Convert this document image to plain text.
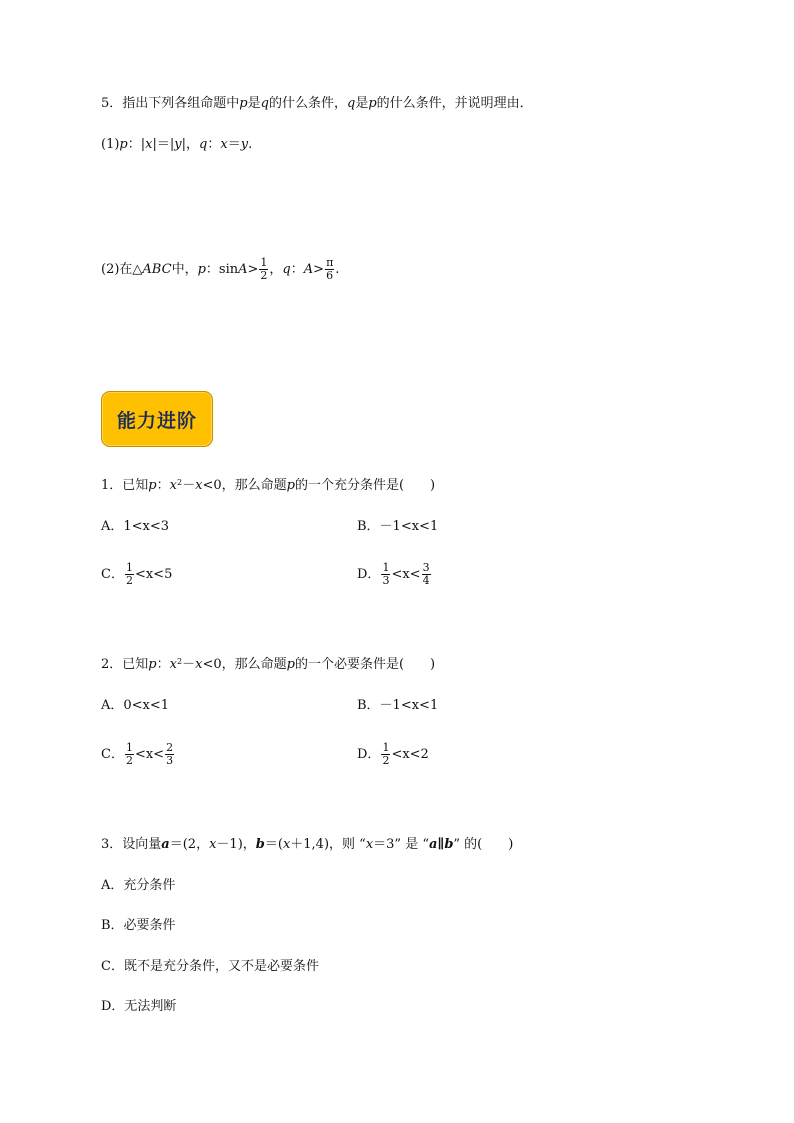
5．指出下列各组命题中p是q的什么条件，q是p的什么条件，并说明理由．
(1)p：|x|＝|y|，q：x＝y.
(2)在△ABC中，p：$\sin A> \frac{1}{2}$ ，q：$A> \frac{\pi}{6}$ .
能力进阶
1．已知p：$x^2-x<0$，那么命题p的一个充分条件是(　　)
A．1<x<3	B．－1<x<1
C． $\frac{1}{2} <x<5$	D． $\frac{1}{3} <x< \frac{3}{4}$
2．已知p：$x^2-x<0$，那么命题p的一个必要条件是(　　)
A．0<x<1	B．－1<x<1
C． $\frac{1}{2} <x< \frac{2}{3}$	D． $\frac{1}{2} <x<2$
3．设向量a＝(2，x－1)，b＝(x＋1,4)，则 “x＝3” 是 “a∥b” 的(　　)
A．充分条件
B．必要条件
C．既不是充分条件，又不是必要条件
D．无法判断
